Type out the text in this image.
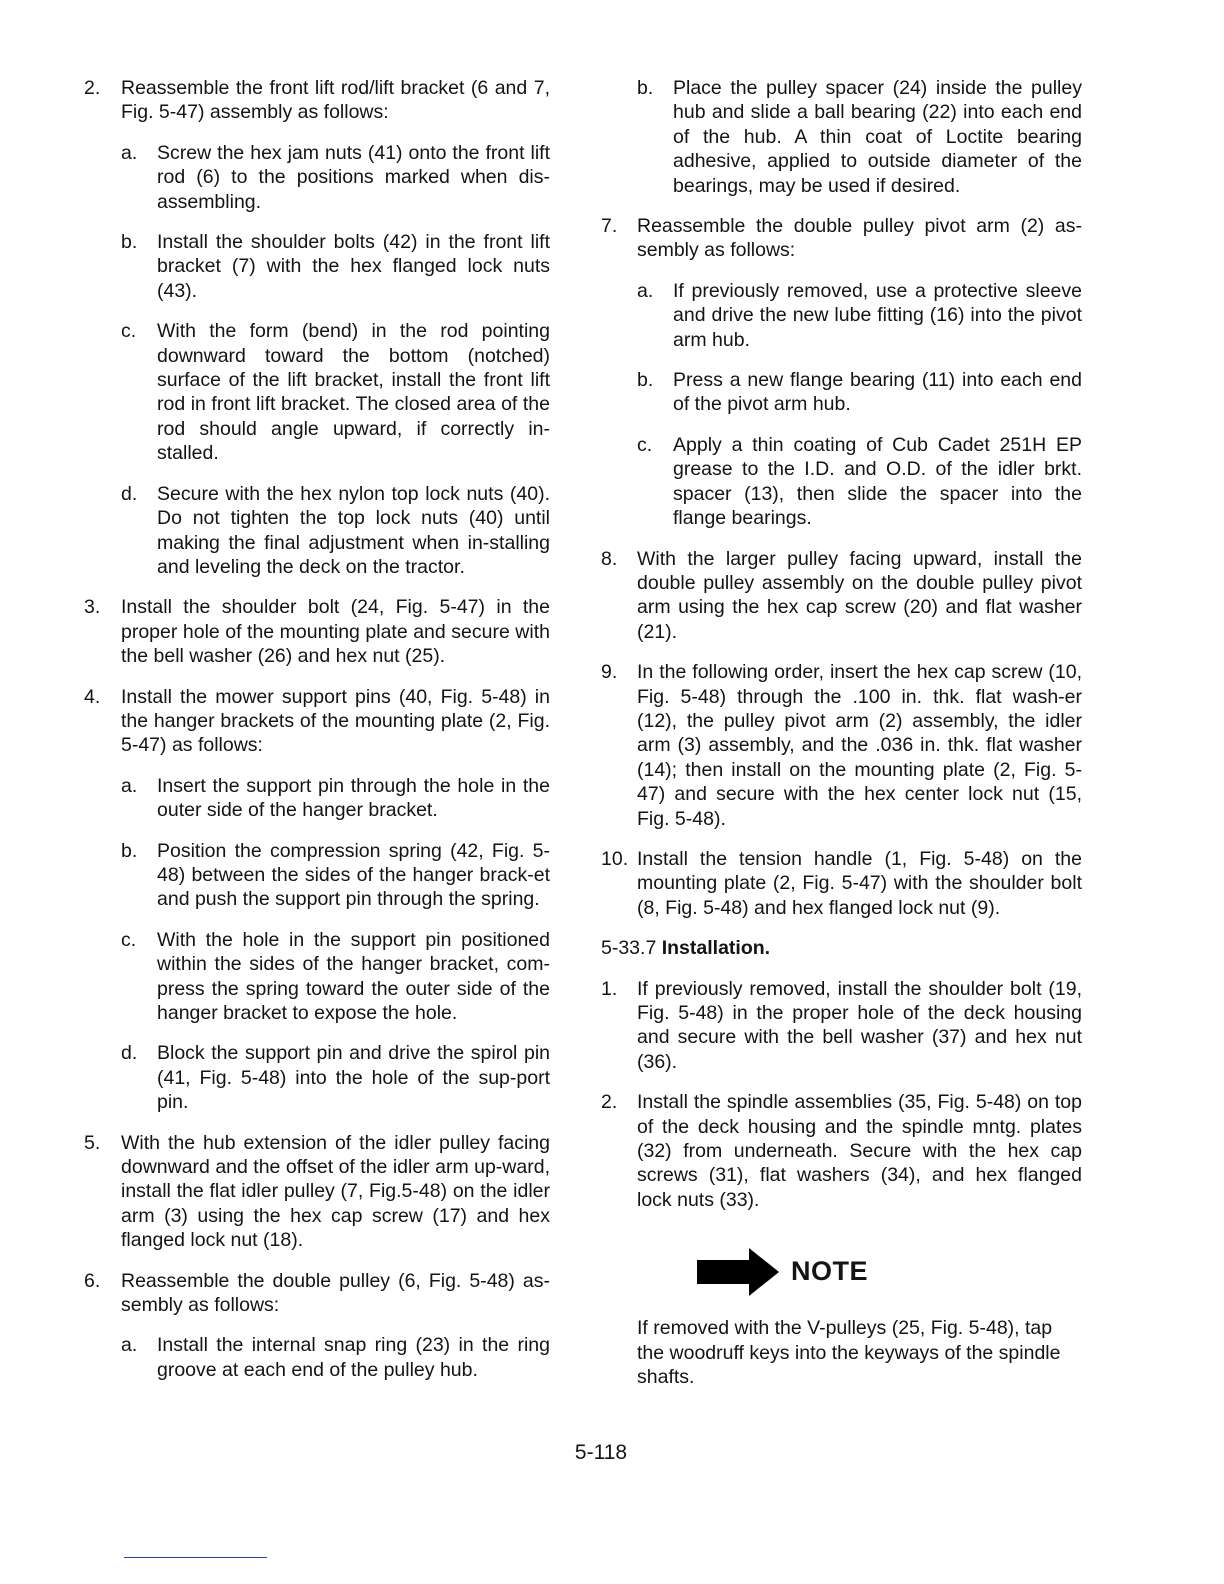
2. Reassemble the front lift rod/lift bracket (6 and 7, Fig. 5-47) assembly as follows:
a. Screw the hex jam nuts (41) onto the front lift rod (6) to the positions marked when dis-assembling.
b. Install the shoulder bolts (42) in the front lift bracket (7) with the hex flanged lock nuts (43).
c. With the form (bend) in the rod pointing downward toward the bottom (notched) surface of the lift bracket, install the front lift rod in front lift bracket. The closed area of the rod should angle upward, if correctly in-stalled.
d. Secure with the hex nylon top lock nuts (40). Do not tighten the top lock nuts (40) until making the final adjustment when in-stalling and leveling the deck on the tractor.
3. Install the shoulder bolt (24, Fig. 5-47) in the proper hole of the mounting plate and secure with the bell washer (26) and hex nut (25).
4. Install the mower support pins (40, Fig. 5-48) in the hanger brackets of the mounting plate (2, Fig. 5-47) as follows:
a. Insert the support pin through the hole in the outer side of the hanger bracket.
b. Position the compression spring (42, Fig. 5-48) between the sides of the hanger brack-et and push the support pin through the spring.
c. With the hole in the support pin positioned within the sides of the hanger bracket, com-press the spring toward the outer side of the hanger bracket to expose the hole.
d. Block the support pin and drive the spirol pin (41, Fig. 5-48) into the hole of the sup-port pin.
5. With the hub extension of the idler pulley facing downward and the offset of the idler arm up-ward, install the flat idler pulley (7, Fig.5-48) on the idler arm (3) using the hex cap screw (17) and hex flanged lock nut (18).
6. Reassemble the double pulley (6, Fig. 5-48) as-sembly as follows:
a. Install the internal snap ring (23) in the ring groove at each end of the pulley hub.
b. Place the pulley spacer (24) inside the pulley hub and slide a ball bearing (22) into each end of the hub. A thin coat of Loctite bearing adhesive, applied to outside diameter of the bearings, may be used if desired.
7. Reassemble the double pulley pivot arm (2) as-sembly as follows:
a. If previously removed, use a protective sleeve and drive the new lube fitting (16) into the pivot arm hub.
b. Press a new flange bearing (11) into each end of the pivot arm hub.
c. Apply a thin coating of Cub Cadet 251H EP grease to the I.D. and O.D. of the idler brkt. spacer (13), then slide the spacer into the flange bearings.
8. With the larger pulley facing upward, install the double pulley assembly on the double pulley pivot arm using the hex cap screw (20) and flat washer (21).
9. In the following order, insert the hex cap screw (10, Fig. 5-48) through the .100 in. thk. flat wash-er (12), the pulley pivot arm (2) assembly, the idler arm (3) assembly, and the .036 in. thk. flat washer (14); then install on the mounting plate (2, Fig. 5-47) and secure with the hex center lock nut (15, Fig. 5-48).
10. Install the tension handle (1, Fig. 5-48) on the mounting plate (2, Fig. 5-47) with the shoulder bolt (8, Fig. 5-48) and hex flanged lock nut (9).
5-33.7 Installation.
1. If previously removed, install the shoulder bolt (19, Fig. 5-48) in the proper hole of the deck housing and secure with the bell washer (37) and hex nut (36).
2. Install the spindle assemblies (35, Fig. 5-48) on top of the deck housing and the spindle mntg. plates (32) from underneath. Secure with the hex cap screws (31), flat washers (34), and hex flanged lock nuts (33).
NOTE
If removed with the V-pulleys (25, Fig. 5-48), tap the woodruff keys into the keyways of the spindle shafts.
5-118
